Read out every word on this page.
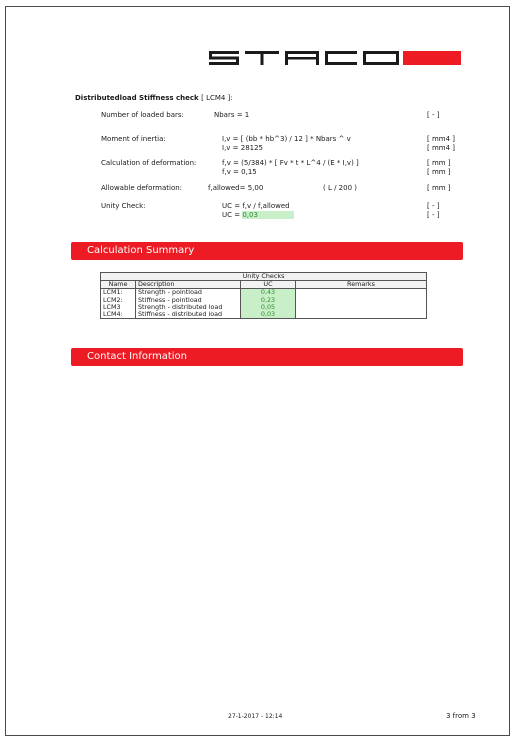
Distributedload Stiffness check [ LCM4 ]:
Number of loaded bars:	Nbars = 1	[ - ]
Moment of inertia:	I,v = [ (bb * hb^3) / 12 ] * Nbars ^ v
I,v = 28125
[ mm4 ]
[ mm4 ]
Calculation of deformation:	f,v = (5/384) * [ Fv * t * L^4 / (E * I,v) ]
f,v = 0,15
[ mm ]
[ mm ]
Allowable deformation:	f,allowed= 5,00	( L / 200 )	[ mm ]
Unity Check:	UC = f,v / f,allowed
UC = 0,03
[ - ]
[ - ]
Calculation Summary
Unity Checks			
Name	Description	UC	Remarks
LCM1:	Strength - pointload	0,43	
LCM2:	Stiffness - pointload	0,23	
LCM3	Strength - distributed load	0,05	
LCM4:	Stiffness - distributed load	0,03	
Contact Information
27-1-2017 - 12:14	3 from 3
